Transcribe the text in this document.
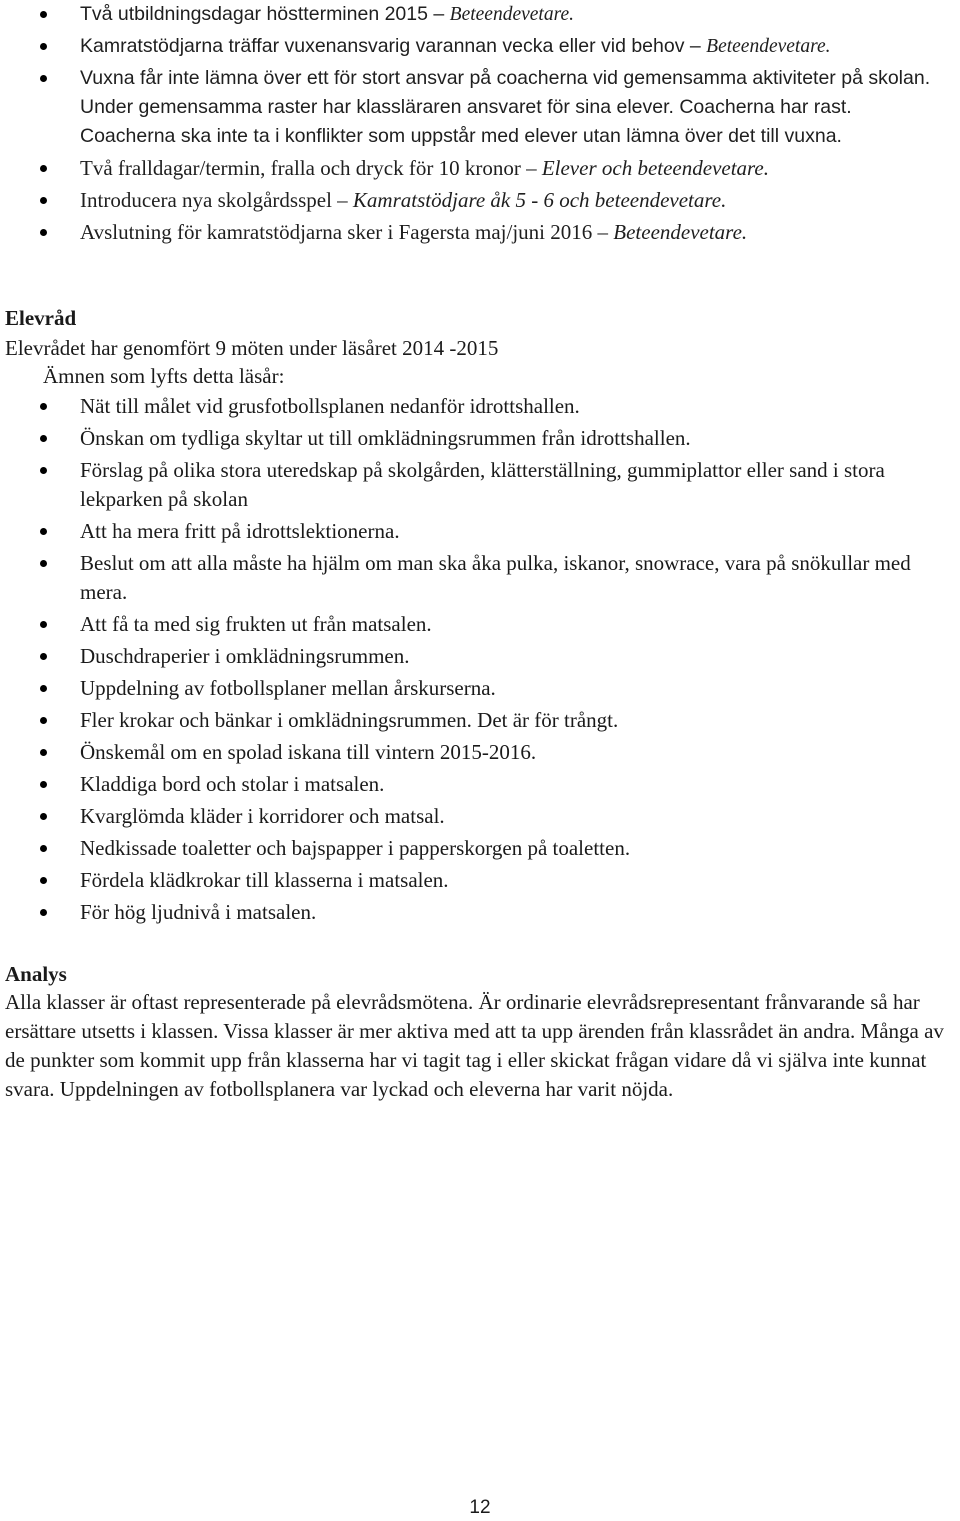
Två utbildningsdagar höstterminen 2015 – Beteendevetare.
Kamratstödjarna träffar vuxenansvarig varannan vecka eller vid behov – Beteendevetare.
Vuxna får inte lämna över ett för stort ansvar på coacherna vid gemensamma aktiviteter på skolan. Under gemensamma raster har klassläraren ansvaret för sina elever. Coacherna har rast. Coacherna ska inte ta i konflikter som uppstår med elever utan lämna över det till vuxna.
Två fralldagar/termin, fralla och dryck för 10 kronor – Elever och beteendevetare.
Introducera nya skolgårdsspel – Kamratstödjare åk 5 - 6 och beteendevetare.
Avslutning för kamratstödjarna sker i Fagersta maj/juni 2016 – Beteendevetare.
Elevråd

Elevrådet har genomfört 9 möten under läsåret 2014 -2015

Ämnen som lyfts detta läsår:

Nät till målet vid grusfotbollsplanen nedanför idrottshallen.
Önskan om tydliga skyltar ut till omklädningsrummen från idrottshallen.
Förslag på olika stora uteredskap på skolgården, klätterställning, gummiplattor eller sand i stora lekparken på skolan
Att ha mera fritt på idrottslektionerna.
Beslut om att alla måste ha hjälm om man ska åka pulka, iskanor, snowrace, vara på snökullar med mera.
Att få ta med sig frukten ut från matsalen.
Duschdraperier i omklädningsrummen.
Uppdelning av fotbollsplaner mellan årskurserna.
Fler krokar och bänkar i omklädningsrummen. Det är för trångt.
Önskemål om en spolad iskana till vintern 2015-2016.
Kladdiga bord och stolar i matsalen.
Kvarglömda kläder i korridorer och matsal.
Nedkissade toaletter och bajspapper i papperskorgen på toaletten.
Fördela klädkrokar till klasserna i matsalen.
För hög ljudnivå i matsalen.
Analys

Alla klasser är oftast representerade på elevrådsmötena. Är ordinarie elevrådsrepresentant frånvarande så har ersättare utsetts i klassen. Vissa klasser är mer aktiva med att ta upp ärenden från klassrådet än andra. Många av de punkter som kommit upp från klasserna har vi tagit tag i eller skickat frågan vidare då vi själva inte kunnat svara. Uppdelningen av fotbollsplanera var lyckad och eleverna har varit nöjda.

12
